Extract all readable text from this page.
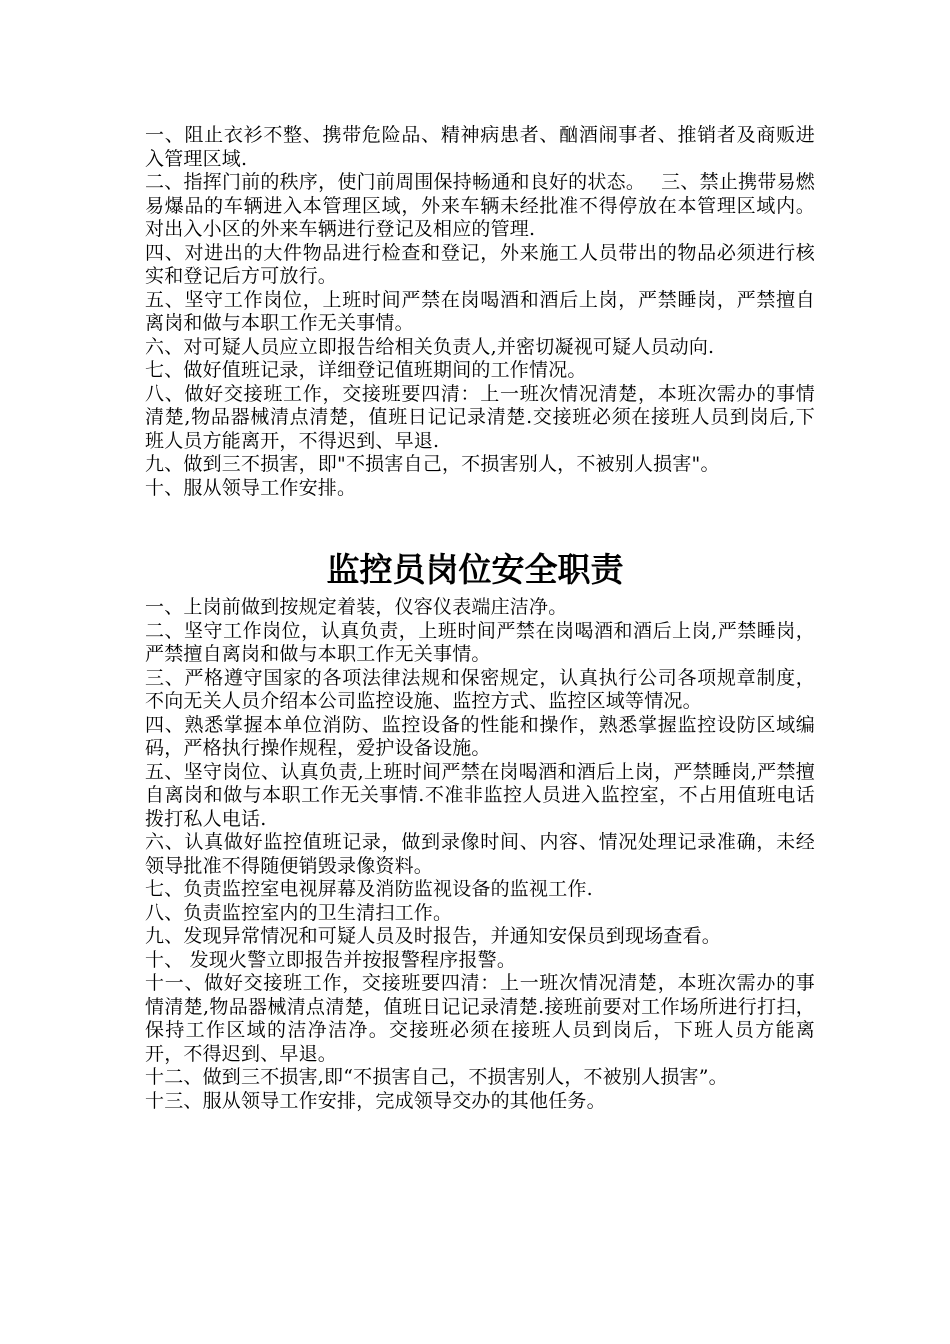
一、阻止衣衫不整、携带危险品、精神病患者、酗酒闹事者、推销者及商贩进入管理区域.

二、指挥门前的秩序，使门前周围保持畅通和良好的状态。　 三、禁止携带易燃易爆品的车辆进入本管理区域，外来车辆未经批准不得停放在本管理区域内。对出入小区的外来车辆进行登记及相应的管理.

四、对进出的大件物品进行检查和登记，外来施工人员带出的物品必须进行核实和登记后方可放行。

五、坚守工作岗位，上班时间严禁在岗喝酒和酒后上岗，严禁睡岗，严禁擅自离岗和做与本职工作无关事情。

六、对可疑人员应立即报告给相关负责人,并密切凝视可疑人员动向.

七、做好值班记录，详细登记值班期间的工作情况。

八、做好交接班工作，交接班要四清：上一班次情况清楚，本班次需办的事情清楚,物品器械清点清楚，值班日记记录清楚.交接班必须在接班人员到岗后,下班人员方能离开，不得迟到、早退.

九、做到三不损害，即"不损害自己，不损害别人，不被别人损害"。

十、服从领导工作安排。

监控员岗位安全职责

一、上岗前做到按规定着装，仪容仪表端庄洁净。

二、坚守工作岗位，认真负责，上班时间严禁在岗喝酒和酒后上岗,严禁睡岗，严禁擅自离岗和做与本职工作无关事情。

三、严格遵守国家的各项法律法规和保密规定，认真执行公司各项规章制度，不向无关人员介绍本公司监控设施、监控方式、监控区域等情况。

四、熟悉掌握本单位消防、监控设备的性能和操作，熟悉掌握监控设防区域编码，严格执行操作规程，爱护设备设施。

五、坚守岗位、认真负责,上班时间严禁在岗喝酒和酒后上岗，严禁睡岗,严禁擅自离岗和做与本职工作无关事情.不准非监控人员进入监控室，不占用值班电话拨打私人电话.

六、认真做好监控值班记录，做到录像时间、内容、情况处理记录准确，未经领导批准不得随便销毁录像资料。

七、负责监控室电视屏幕及消防监视设备的监视工作.

八、负责监控室内的卫生清扫工作。

九、发现异常情况和可疑人员及时报告，并通知安保员到现场查看。

十、 发现火警立即报告并按报警程序报警。

十一、做好交接班工作，交接班要四清：上一班次情况清楚，本班次需办的事情清楚,物品器械清点清楚，值班日记记录清楚.接班前要对工作场所进行打扫，保持工作区域的洁净洁净。交接班必须在接班人员到岗后，下班人员方能离开，不得迟到、早退。

十二、做到三不损害,即“不损害自己，不损害别人，不被别人损害”。

十三、服从领导工作安排，完成领导交办的其他任务。
